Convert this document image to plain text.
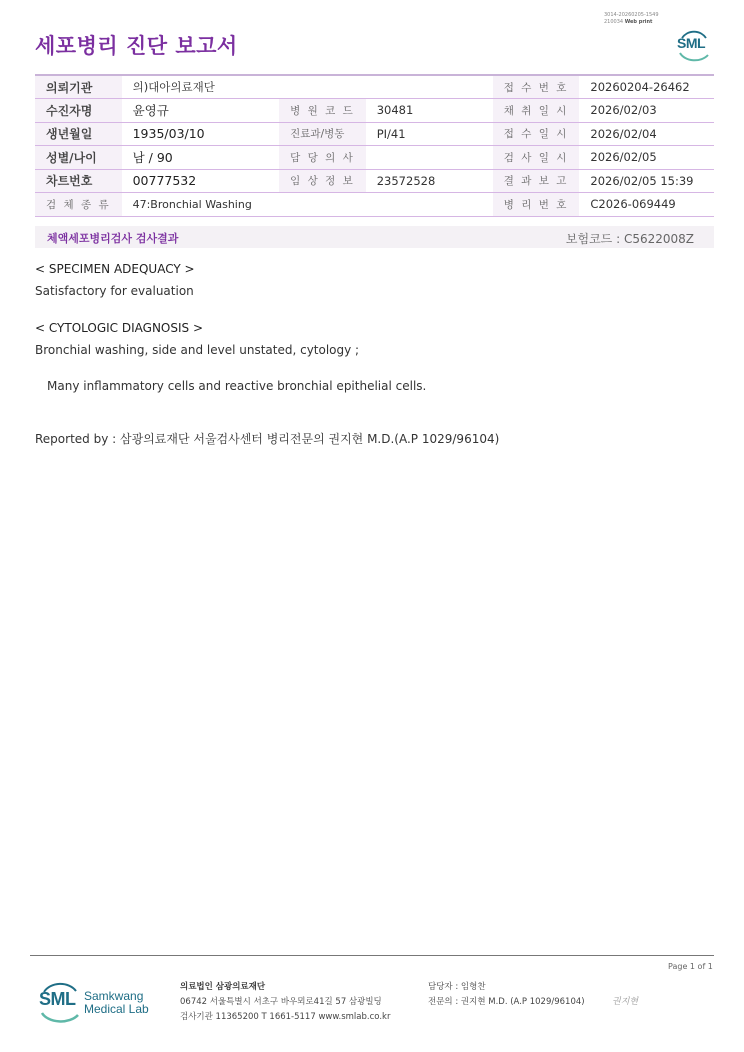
3014-20260205-1549
210034 Web print
세포병리 진단 보고서	SML
의뢰기관	의)대아의료재단			접 수 번 호	20260204-26462
수진자명	윤영규	병 원 코 드	30481	채 취 일 시	2026/02/03
생년월일	1935/03/10	진료과/병동	PI/41	접 수 일 시	2026/02/04
성별/나이	남 / 90	담 당 의 사		검 사 일 시	2026/02/05
차트번호	00777532	임 상 정 보	23572528	결 과 보 고	2026/02/05 15:39
검 체 종 류	47:Bronchial Washing			병 리 번 호	C2026-069449
체액세포병리검사 검사결과	보험코드 : C5622008Z
< SPECIMEN ADEQUACY >
Satisfactory for evaluation
< CYTOLOGIC DIAGNOSIS >
Bronchial washing, side and level unstated, cytology ;
Many inflammatory cells and reactive bronchial epithelial cells.
Reported by : 삼광의료재단 서울검사센터 병리전문의 권지현 M.D.(A.P 1029/96104)
Page 1 of 1
SML Samkwang
Medical Lab
의료법인 삼광의료재단
06742 서울특별시 서초구 바우뫼로41길 57 삼광빌딩
검사기관 11365200 T 1661-5117 www.smlab.co.kr
담당자 : 임형찬
전문의 : 권지현 M.D. (A.P 1029/96104)	권지현
